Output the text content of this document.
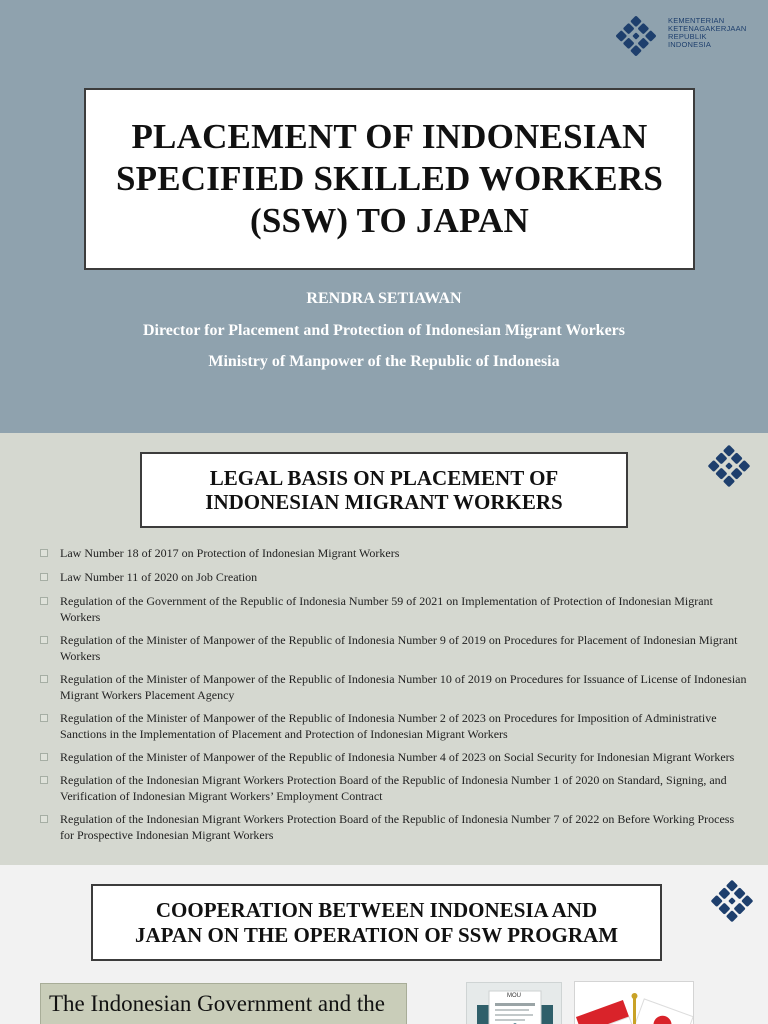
KEMENTERIAN
KETENAGAKERJAAN
REPUBLIK
INDONESIA
PLACEMENT OF INDONESIAN SPECIFIED SKILLED WORKERS (SSW) TO JAPAN
RENDRA SETIAWAN
Director for Placement and Protection of Indonesian Migrant Workers
Ministry of Manpower of the Republic of Indonesia
LEGAL BASIS ON PLACEMENT OF
INDONESIAN MIGRANT WORKERS
Law Number 18 of 2017 on Protection of Indonesian Migrant Workers
Law Number 11 of 2020 on Job Creation
Regulation of the Government of the Republic of Indonesia Number 59 of 2021 on Implementation of Protection of Indonesian Migrant Workers
Regulation of the Minister of Manpower of the Republic of Indonesia Number 9 of 2019 on Procedures for Placement of Indonesian Migrant Workers
Regulation of the Minister of Manpower of the Republic of Indonesia Number 10 of 2019 on Procedures for Issuance of License of Indonesian Migrant Workers Placement Agency
Regulation of the Minister of Manpower of the Republic of Indonesia Number 2 of 2023 on Procedures for Imposition of Administrative Sanctions in the Implementation of Placement and Protection of Indonesian Migrant Workers
Regulation of the Minister of Manpower of the Republic of Indonesia Number 4 of 2023 on Social Security for Indonesian Migrant Workers
Regulation of the Indonesian Migrant Workers Protection Board of the Republic of Indonesia Number 1 of 2020 on Standard, Signing, and Verification of Indonesian Migrant Workers’ Employment Contract
Regulation of the Indonesian Migrant Workers Protection Board of the Republic of Indonesia Number 7 of 2022 on Before Working Process for Prospective Indonesian Migrant Workers
COOPERATION BETWEEN INDONESIA AND
JAPAN ON THE OPERATION OF SSW PROGRAM

The Indonesian Government and the	MOU
